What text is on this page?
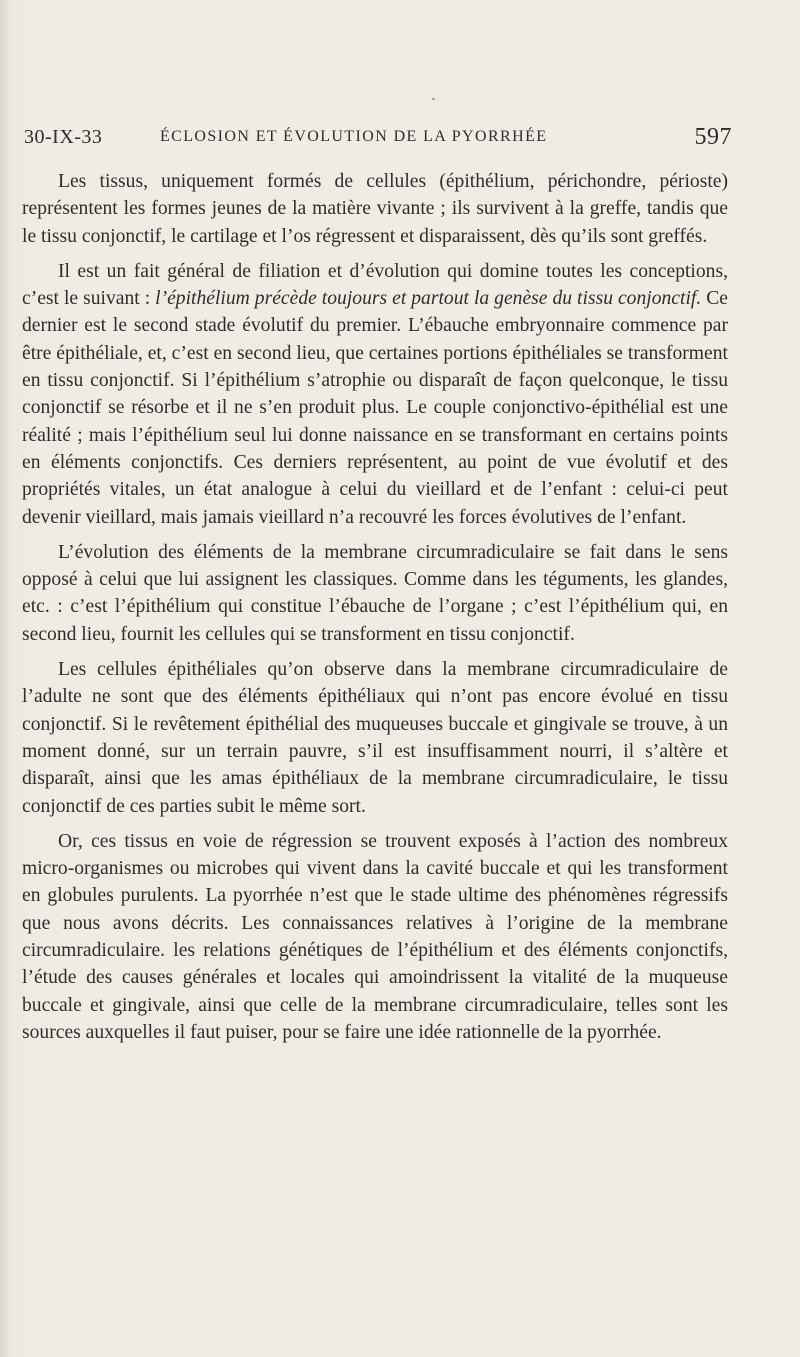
30-IX-33	ÉCLOSION ET ÉVOLUTION DE LA PYORRHÉE	597

Les tissus, uniquement formés de cellules (épithélium, périchondre, périoste) représentent les formes jeunes de la matière vivante ; ils survivent à la greffe, tandis que le tissu conjonctif, le cartilage et l’os régressent et disparaissent, dès qu’ils sont greffés.

Il est un fait général de filiation et d’évolution qui domine toutes les conceptions, c’est le suivant : l’épithélium précède toujours et partout la genèse du tissu conjonctif. Ce dernier est le second stade évolutif du premier. L’ébauche embryonnaire commence par être épithéliale, et, c’est en second lieu, que certaines portions épithéliales se transforment en tissu conjonctif. Si l’épithélium s’atrophie ou disparaît de façon quelconque, le tissu conjonctif se résorbe et il ne s’en produit plus. Le couple conjonctivo-épithélial est une réalité ; mais l’épithélium seul lui donne naissance en se transformant en certains points en éléments conjonctifs. Ces derniers représentent, au point de vue évolutif et des propriétés vitales, un état analogue à celui du vieillard et de l’enfant : celui-ci peut devenir vieillard, mais jamais vieillard n’a recouvré les forces évolutives de l’enfant.

L’évolution des éléments de la membrane circumradiculaire se fait dans le sens opposé à celui que lui assignent les classiques. Comme dans les téguments, les glandes, etc. : c’est l’épithélium qui constitue l’ébauche de l’organe ; c’est l’épithélium qui, en second lieu, fournit les cellules qui se transforment en tissu conjonctif.

Les cellules épithéliales qu’on observe dans la membrane circumradiculaire de l’adulte ne sont que des éléments épithéliaux qui n’ont pas encore évolué en tissu conjonctif. Si le revêtement épithélial des muqueuses buccale et gingivale se trouve, à un moment donné, sur un terrain pauvre, s’il est insuffisamment nourri, il s’altère et disparaît, ainsi que les amas épithéliaux de la membrane circumradiculaire, le tissu conjonctif de ces parties subit le même sort.

Or, ces tissus en voie de régression se trouvent exposés à l’action des nombreux micro-organismes ou microbes qui vivent dans la cavité buccale et qui les transforment en globules purulents. La pyorrhée n’est que le stade ultime des phénomènes régressifs que nous avons décrits. Les connaissances relatives à l’origine de la membrane circumradiculaire. les relations génétiques de l’épithélium et des éléments conjonctifs, l’étude des causes générales et locales qui amoindrissent la vitalité de la muqueuse buccale et gingivale, ainsi que celle de la membrane circumradiculaire, telles sont les sources auxquelles il faut puiser, pour se faire une idée rationnelle de la pyorrhée.
